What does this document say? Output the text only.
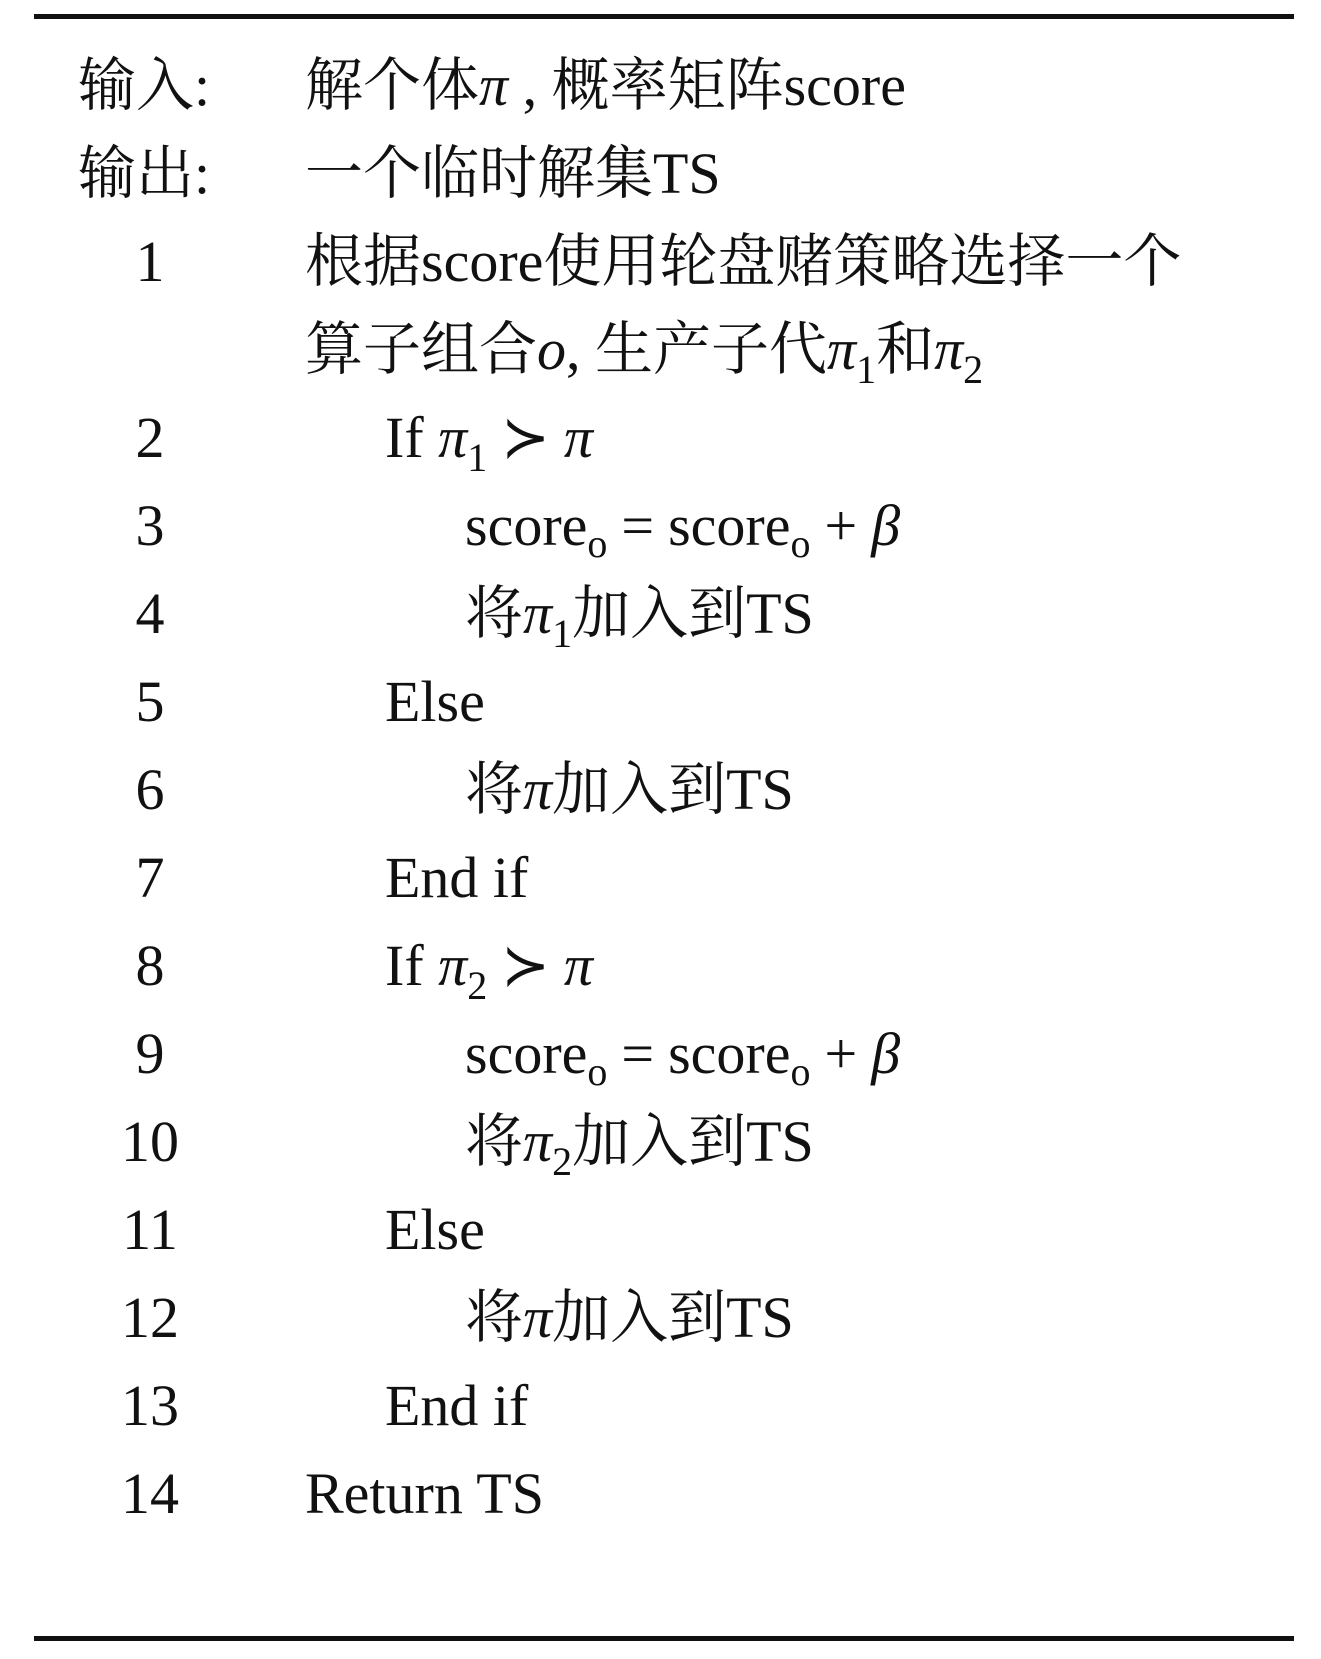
输入: 解个体π , 概率矩阵score
输出: 一个临时解集TS
1	根据score使用轮盘赌策略选择一个
算子组合o, 生产子代$\pi_1$和$\pi_2$
2	If $\pi_1$ ≻ π
3	score$_o$ = score$_o$ + β
4	将$\pi_1$加入到TS
5	Else
6	将π加入到TS
7	End if
8	If $\pi_2$ ≻ π
9	score$_o$ = score$_o$ + β
10	将$\pi_2$加入到TS
11	Else
12	将π加入到TS
13	End if
14	Return TS
